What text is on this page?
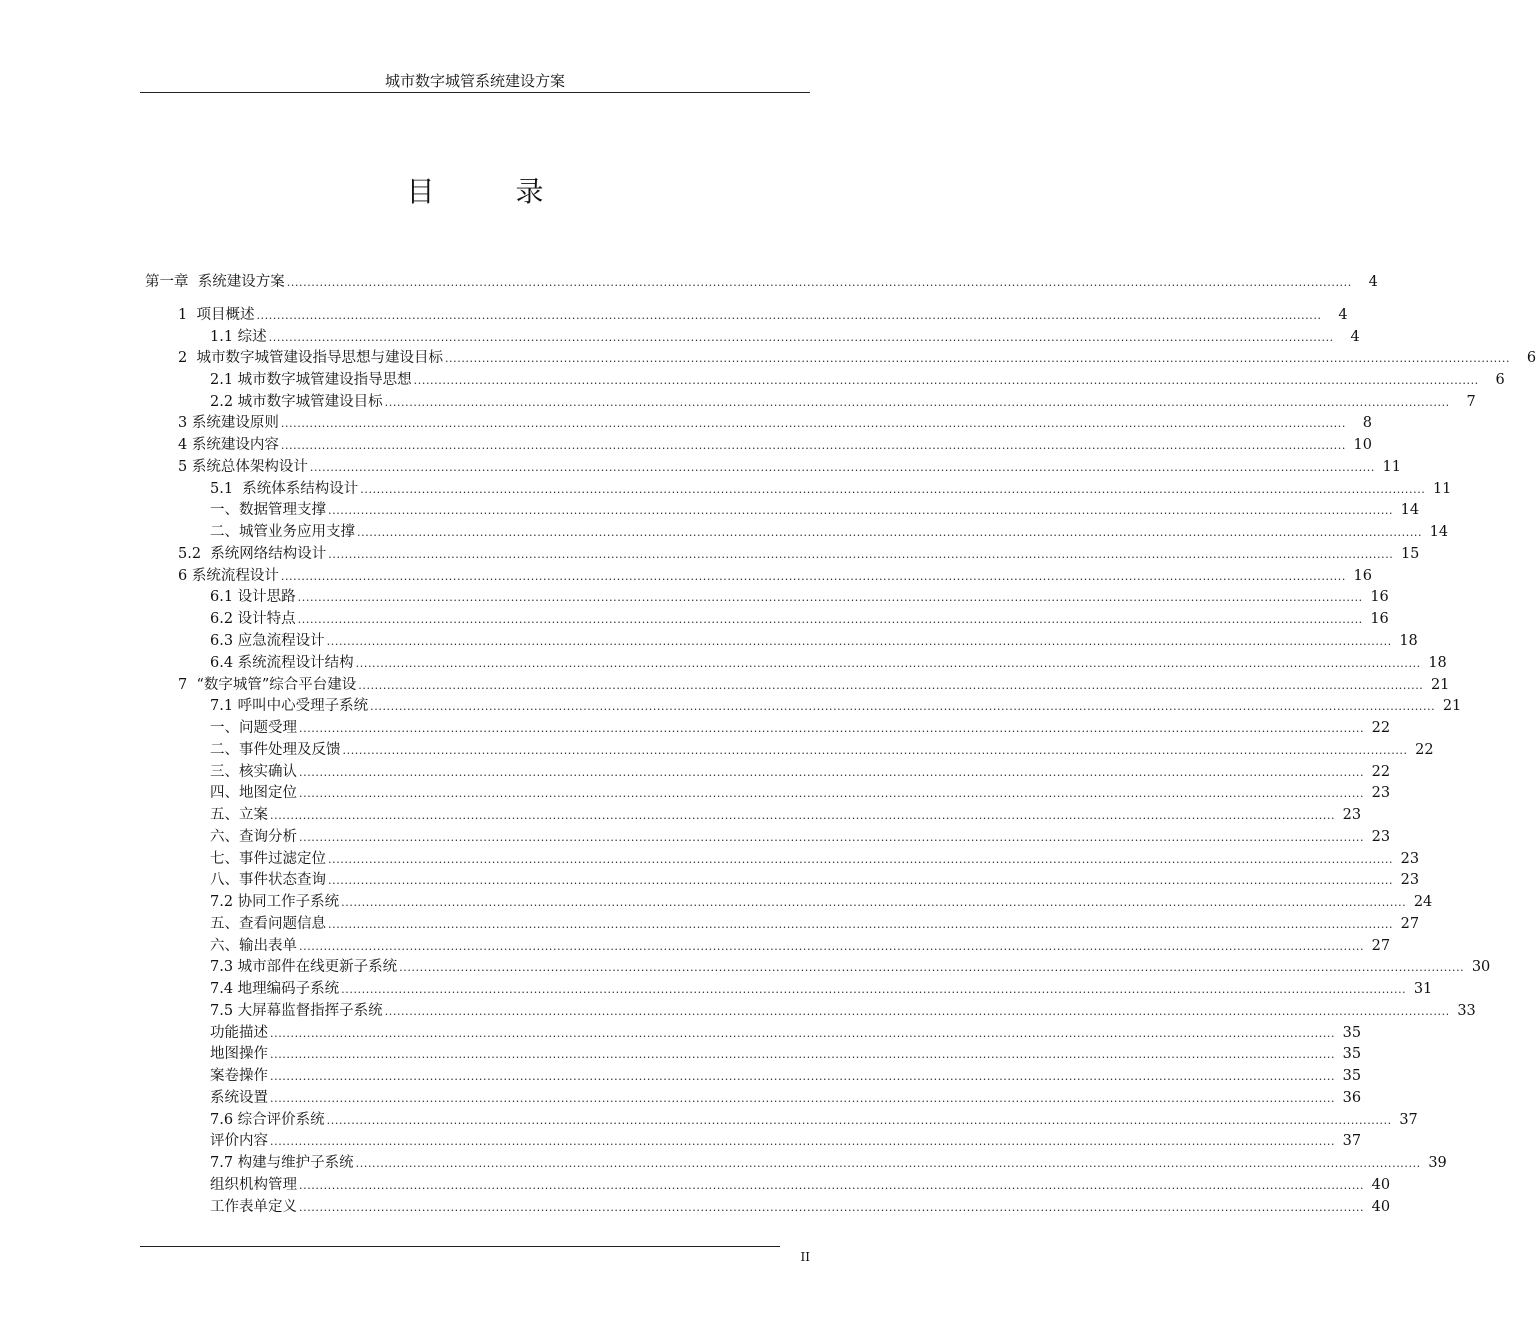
城市数字城管系统建设方案
目 录
第一章  系统建设方案 ....................................................................................................................................................................................................................................................................	4
1  项目概述 ....................................................................................................................................................................................................................................................................	4
1.1 综述 ....................................................................................................................................................................................................................................................................	4
2  城市数字城管建设指导思想与建设目标 ....................................................................................................................................................................................................................................................................	6
2.1 城市数字城管建设指导思想 ....................................................................................................................................................................................................................................................................	6
2.2 城市数字城管建设目标 ....................................................................................................................................................................................................................................................................	7
3 系统建设原则 ....................................................................................................................................................................................................................................................................	8
4 系统建设内容 .................................................................................................................................................................................................................................................................... 10
5 系统总体架构设计 .................................................................................................................................................................................................................................................................... 11
5.1  系统体系结构设计 .................................................................................................................................................................................................................................................................... 11
一、数据管理支撑 .................................................................................................................................................................................................................................................................... 14
二、城管业务应用支撑 .................................................................................................................................................................................................................................................................... 14
5.2  系统网络结构设计 .................................................................................................................................................................................................................................................................... 15
6 系统流程设计 .................................................................................................................................................................................................................................................................... 16
6.1 设计思路 .................................................................................................................................................................................................................................................................... 16
6.2 设计特点 .................................................................................................................................................................................................................................................................... 16
6.3 应急流程设计 .................................................................................................................................................................................................................................................................... 18
6.4 系统流程设计结构 .................................................................................................................................................................................................................................................................... 18
7  “数字城管”综合平台建设 .................................................................................................................................................................................................................................................................... 21
7.1 呼叫中心受理子系统 .................................................................................................................................................................................................................................................................... 21
一、问题受理 .................................................................................................................................................................................................................................................................... 22
二、事件处理及反馈 .................................................................................................................................................................................................................................................................... 22
三、核实确认 .................................................................................................................................................................................................................................................................... 22
四、地图定位 .................................................................................................................................................................................................................................................................... 23
五、立案 .................................................................................................................................................................................................................................................................... 23
六、查询分析 .................................................................................................................................................................................................................................................................... 23
七、事件过滤定位 .................................................................................................................................................................................................................................................................... 23
八、事件状态查询 .................................................................................................................................................................................................................................................................... 23
7.2 协同工作子系统 .................................................................................................................................................................................................................................................................... 24
五、查看问题信息 .................................................................................................................................................................................................................................................................... 27
六、输出表单 .................................................................................................................................................................................................................................................................... 27
7.3 城市部件在线更新子系统 .................................................................................................................................................................................................................................................................... 30
7.4 地理编码子系统 .................................................................................................................................................................................................................................................................... 31
7.5 大屏幕监督指挥子系统 .................................................................................................................................................................................................................................................................... 33
功能描述 .................................................................................................................................................................................................................................................................... 35
地图操作 .................................................................................................................................................................................................................................................................... 35
案卷操作 .................................................................................................................................................................................................................................................................... 35
系统设置 .................................................................................................................................................................................................................................................................... 36
7.6 综合评价系统 .................................................................................................................................................................................................................................................................... 37
评价内容 .................................................................................................................................................................................................................................................................... 37
7.7 构建与维护子系统 .................................................................................................................................................................................................................................................................... 39
组织机构管理 .................................................................................................................................................................................................................................................................... 40
工作表单定义 .................................................................................................................................................................................................................................................................... 40
II
